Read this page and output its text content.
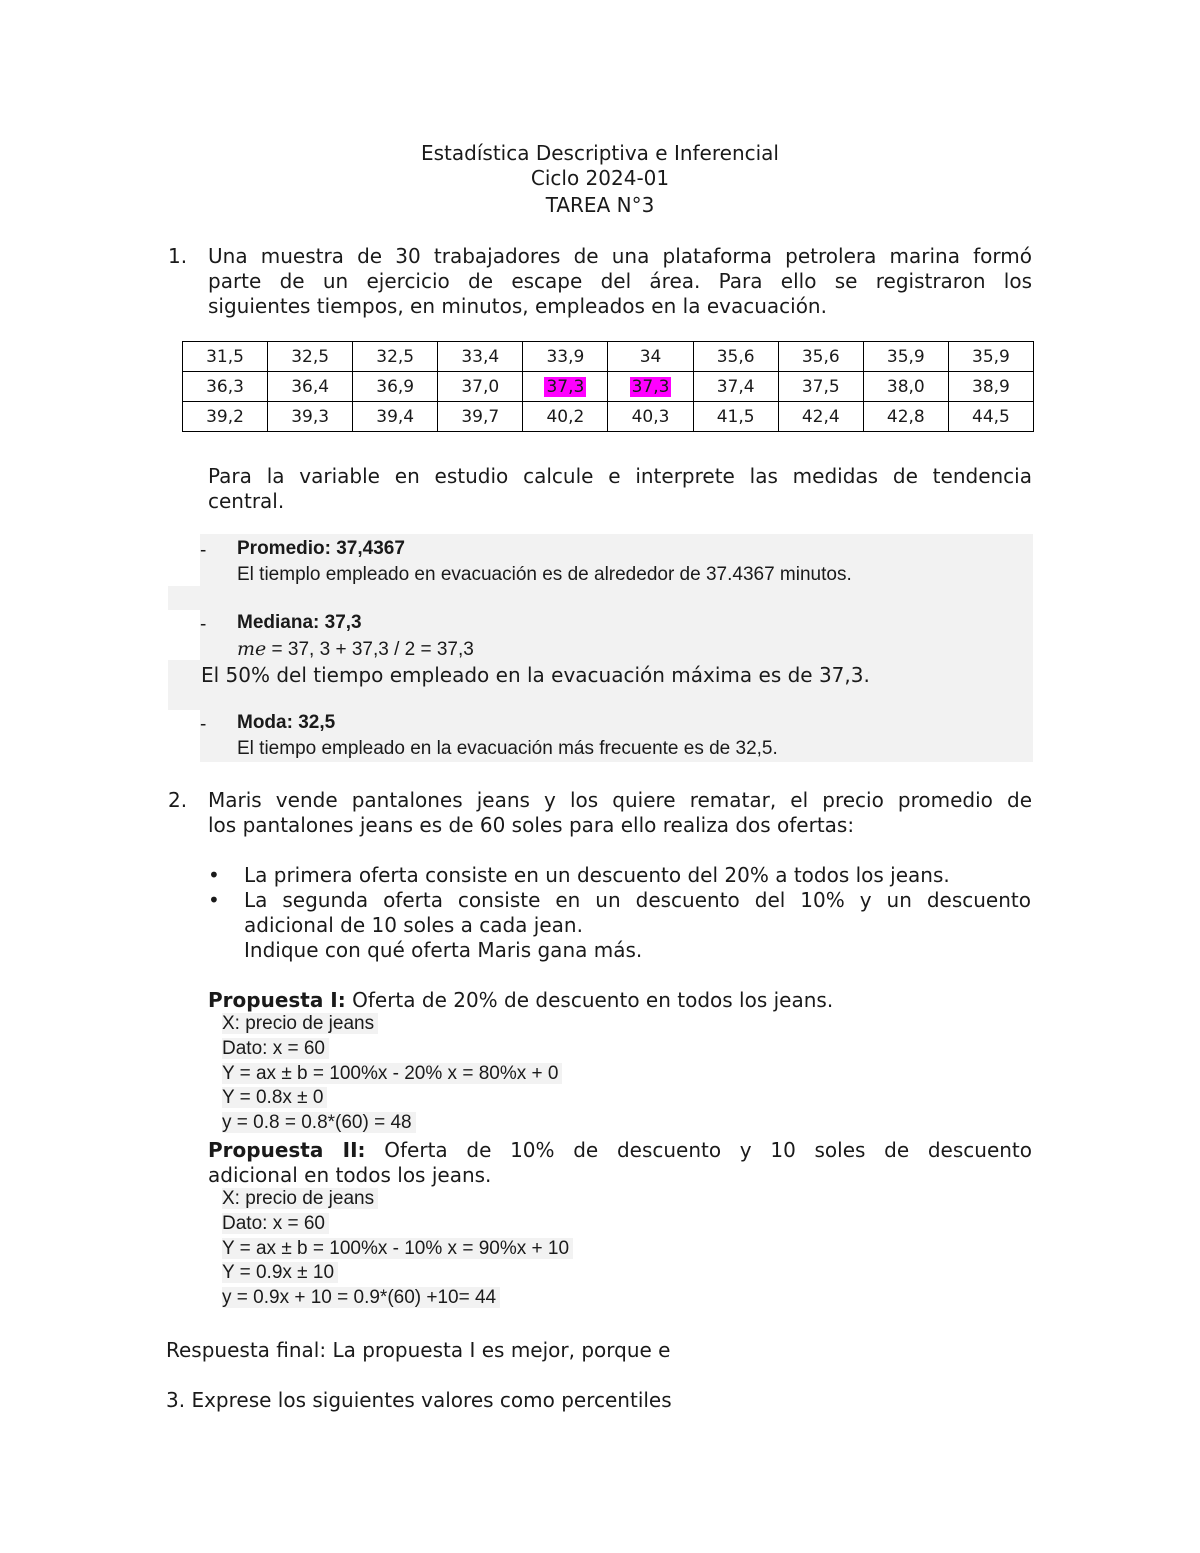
Estadística Descriptiva e Inferencial
Ciclo 2024-01
TAREA N°3
1. Una muestra de 30 trabajadores de una plataforma petrolera marina formó
parte de un ejercicio de escape del área. Para ello se registraron los
siguientes tiempos, en minutos, empleados en la evacuación.
31,5	32,5	32,5	33,4	33,9	34	35,6	35,6	35,9	35,9
36,3	36,4	36,9	37,0	37,3	37,3	37,4	37,5	38,0	38,9
39,2	39,3	39,4	39,7	40,2	40,3	41,5	42,4	42,8	44,5
Para la variable en estudio calcule e interprete las medidas de tendencia
central.
- Promedio: 37,4367
El tiemplo empleado en evacuación es de alrededor de 37.4367 minutos.
- Mediana: 37,3
me = 37, 3 + 37,3 / 2 = 37,3
El 50% del tiempo empleado en la evacuación máxima es de 37,3.
- Moda: 32,5
El tiempo empleado en la evacuación más frecuente es de 32,5.
2. Maris vende pantalones jeans y los quiere rematar, el precio promedio de
los pantalones jeans es de 60 soles para ello realiza dos ofertas:
• La primera oferta consiste en un descuento del 20% a todos los jeans.
• La segunda oferta consiste en un descuento del 10% y un descuento
adicional de 10 soles a cada jean.
Indique con qué oferta Maris gana más.
Propuesta I: Oferta de 20% de descuento en todos los jeans.
X: precio de jeans
Dato: x = 60
Y = ax ± b = 100%x - 20% x = 80%x + 0
Y = 0.8x ± 0
y = 0.8 = 0.8*(60) = 48
Propuesta II: Oferta de 10% de descuento y 10 soles de descuento
adicional en todos los jeans.
X: precio de jeans
Dato: x = 60
Y = ax ± b = 100%x - 10% x = 90%x + 10
Y = 0.9x ± 10
y = 0.9x + 10 = 0.9*(60) +10= 44
Respuesta final: La propuesta I es mejor, porque e
3. Exprese los siguientes valores como percentiles
